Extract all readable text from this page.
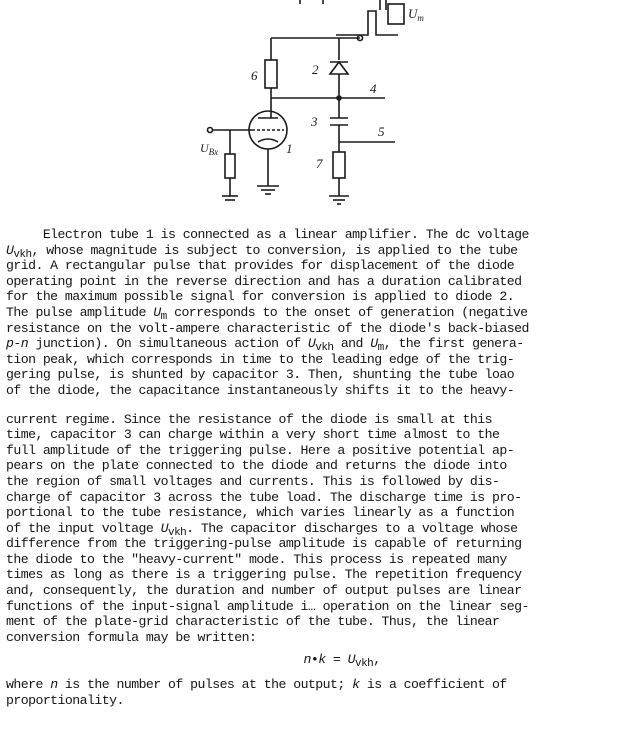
$U_m$
6	2
4
3
5
1
7
$U_{Bx}$

Electron tube 1 is connected as a linear amplifier. The dc voltage

$U_{vkh}$, whose magnitude is subject to conversion, is applied to the tube

grid. A rectangular pulse that provides for displacement of the diode

operating point in the reverse direction and has a duration calibrated

for the maximum possible signal for conversion is applied to diode 2.

The pulse amplitude $U_m$ corresponds to the onset of generation (negative

resistance on the volt-ampere characteristic of the diode's back-biased

p-n junction). On simultaneous action of $U_{vkh}$ and $U_m$, the first genera-

tion peak, which corresponds in time to the leading edge of the trig-

gering pulse, is shunted by capacitor 3. Then, shunting the tube loao

of the diode, the capacitance instantaneously shifts it to the heavy-

current regime. Since the resistance of the diode is small at this

time, capacitor 3 can charge within a very short time almost to the

full amplitude of the triggering pulse. Here a positive potential ap-

pears on the plate connected to the diode and returns the diode into

the region of small voltages and currents. This is followed by dis-

charge of capacitor 3 across the tube load. The discharge time is pro-

portional to the tube resistance, which varies linearly as a function

of the input voltage $U_{vkh}$. The capacitor discharges to a voltage whose

difference from the triggering-pulse amplitude is capable of returning

the diode to the "heavy-current" mode. This process is repeated many

times as long as there is a triggering pulse. The repetition frequency

and, consequently, the duration and number of output pulses are linear

functions of the input-signal amplitude i… operation on the linear seg-

ment of the plate-grid characteristic of the tube. Thus, the linear

conversion formula may be written:

n•k = $U_{vkh}$,

where n is the number of pulses at the output; k is a coefficient of

proportionality.
